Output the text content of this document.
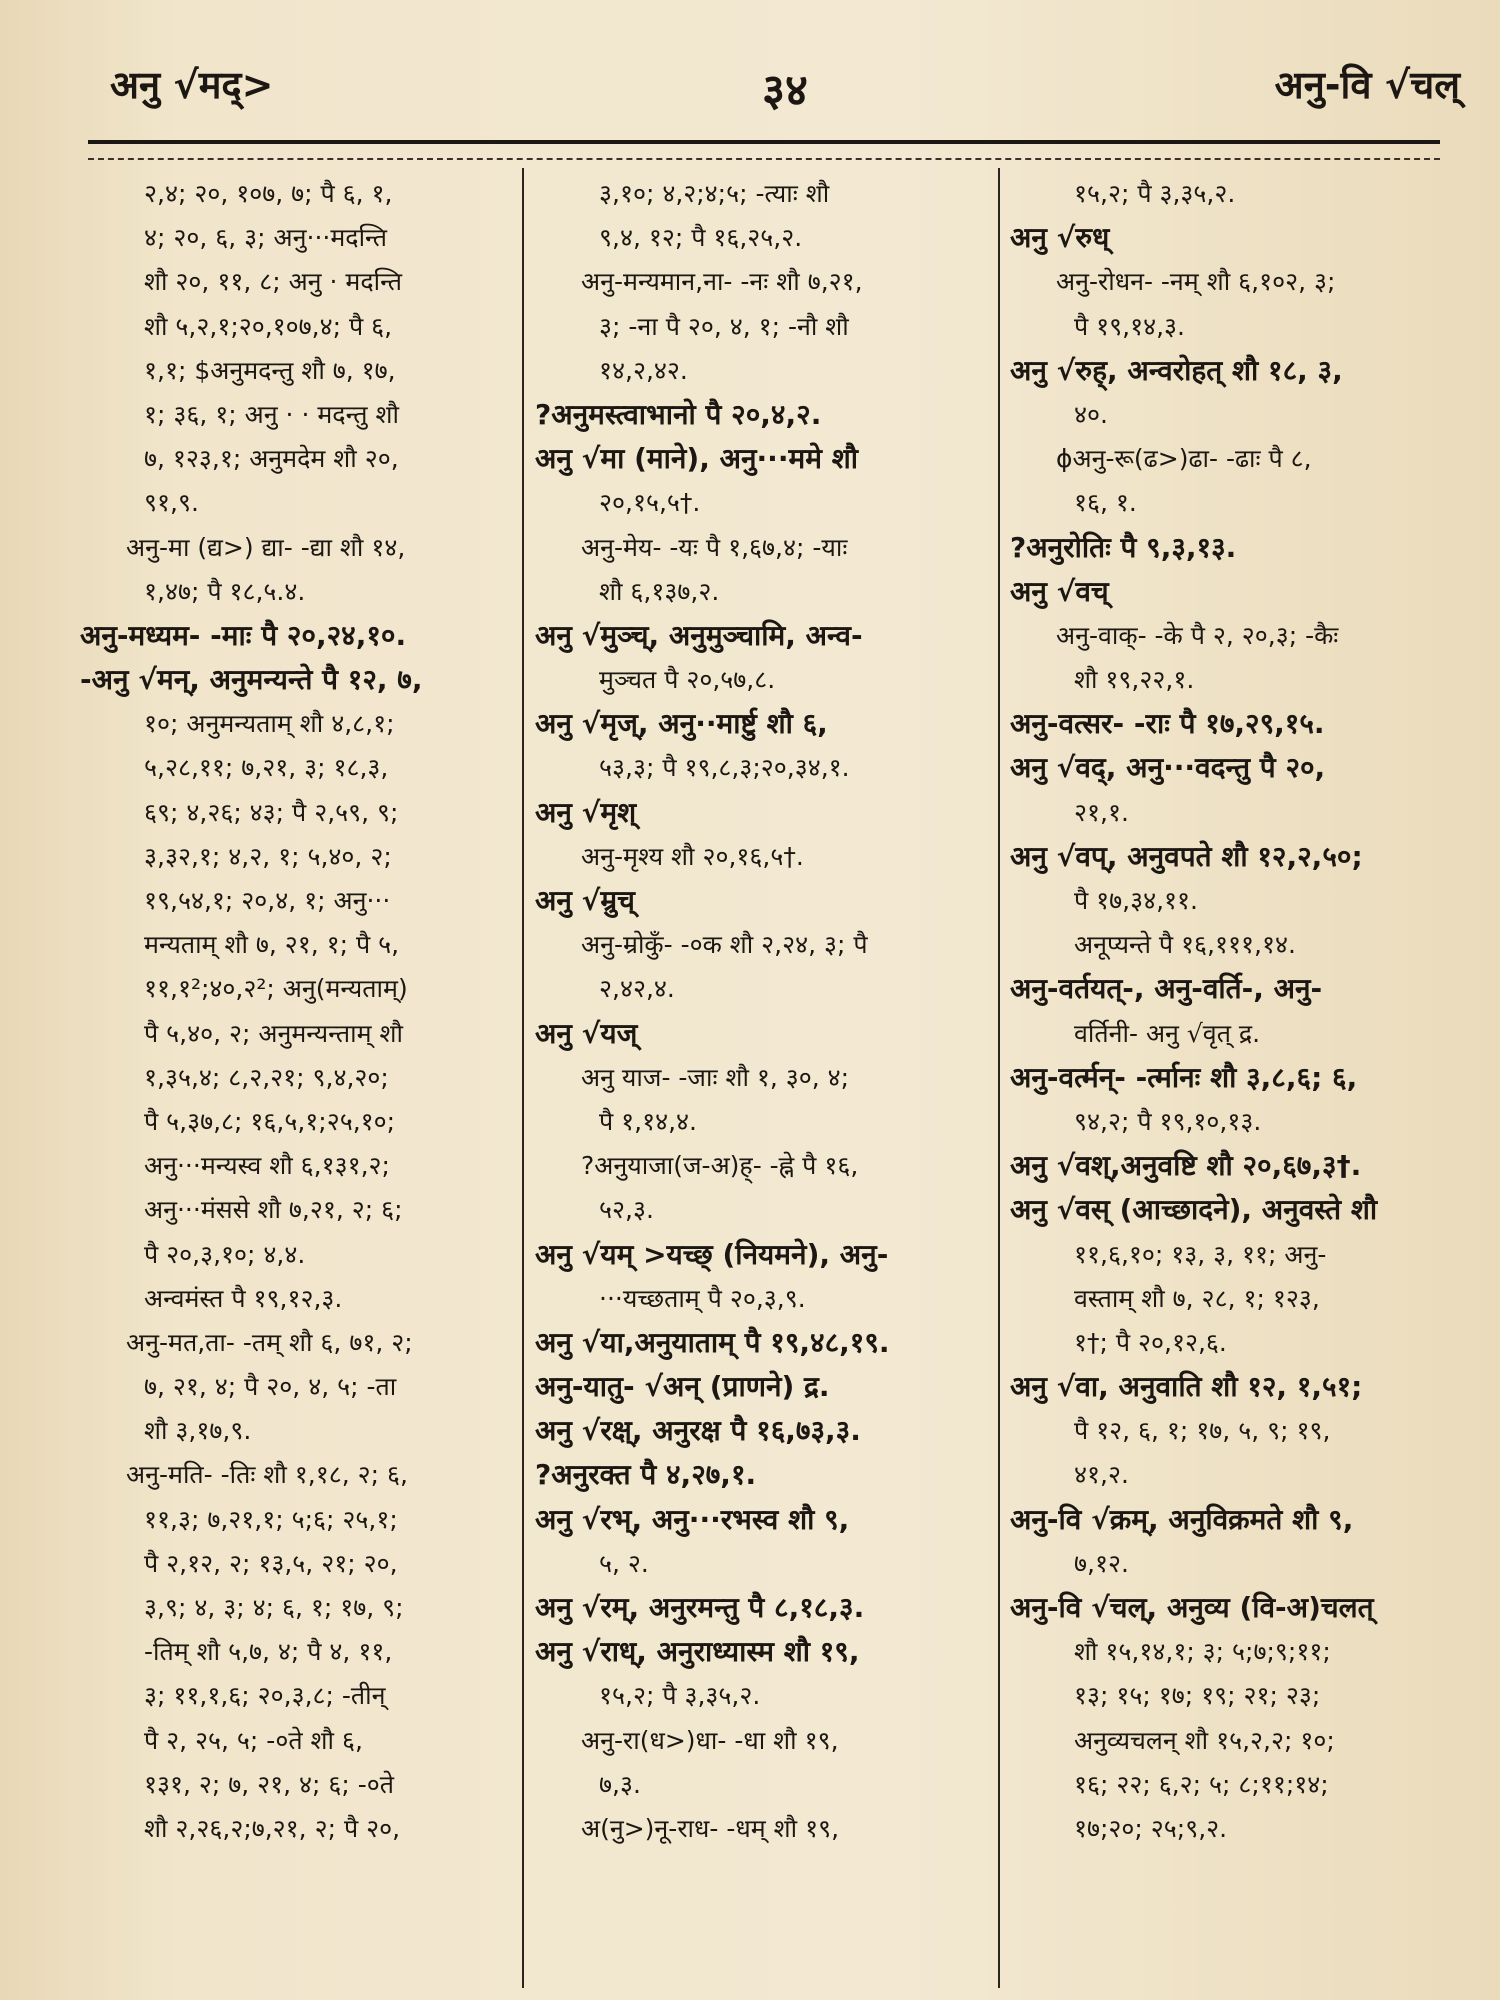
अनु √मद्>	३४	अनु-वि √चल्
२,४; २०, १०७, ७; पै ६, १,
४; २०, ६, ३; अनु···मदन्ति
शौ २०, ११, ८; अनु · मदन्ति
शौ ५,२,१;२०,१०७,४; पै ६,
१,१; $अनुमदन्तु शौ ७, १७,
१; ३६, १; अनु · · मदन्तु शौ
७, १२३,१; अनुमदेम शौ २०,
९१,९.
अनु-मा (द्य>) द्या- -द्या शौ १४,
१,४७; पै १८,५.४.
अनु-मध्यम- -माः पै २०,२४,१०.
-अनु √मन्, अनुमन्यन्ते पै १२, ७,
१०; अनुमन्यताम् शौ ४,८,१;
५,२८,११; ७,२१, ३; १८,३,
६९; ४,२६; ४३; पै २,५९, ९;
३,३२,१; ४,२, १; ५,४०, २;
१९,५४,१; २०,४, १; अनु···
मन्यताम् शौ ७, २१, १; पै ५,
११,१²;४०,२²; अनु(मन्यताम्)
पै ५,४०, २; अनुमन्यन्ताम् शौ
१,३५,४; ८,२,२१; ९,४,२०;
पै ५,३७,८; १६,५,१;२५,१०;
अनु···मन्यस्व शौ ६,१३१,२;
अनु···मंससे शौ ७,२१, २; ६;
पै २०,३,१०; ४,४.
अन्वमंस्त पै १९,१२,३.
अनु-मत,ता- -तम् शौ ६, ७१, २;
७, २१, ४; पै २०, ४, ५; -ता
शौ ३,१७,९.
अनु-मति- -तिः शौ १,१८, २; ६,
११,३; ७,२१,१; ५;६; २५,१;
पै २,१२, २; १३,५, २१; २०,
३,९; ४, ३; ४; ६, १; १७, ९;
-तिम् शौ ५,७, ४; पै ४, ११,
३; ११,१,६; २०,३,८; -तीन्
पै २, २५, ५; -०ते शौ ६,
१३१, २; ७, २१, ४; ६; -०ते
शौ २,२६,२;७,२१, २; पै २०,
३,१०; ४,२;४;५; -त्याः शौ
९,४, १२; पै १६,२५,२.
अनु-मन्यमान,ना- -नः शौ ७,२१,
३; -ना पै २०, ४, १; -नौ शौ
१४,२,४२.
?अनुमस्त्वाभानो पै २०,४,२.
अनु √मा (माने), अनु···ममे शौ
२०,१५,५†.
अनु-मेय- -यः पै १,६७,४; -याः
शौ ६,१३७,२.
अनु √मुञ्च्, अनुमुञ्चामि, अन्व-
मुञ्चत पै २०,५७,८.
अनु √मृज्, अनु··मार्ष्टु शौ ६,
५३,३; पै १९,८,३;२०,३४,१.
अनु √मृश्
अनु-मृश्य शौ २०,१६,५†.
अनु √म्रुच्
अनु-म्रोकुँ- -०क शौ २,२४, ३; पै
२,४२,४.
अनु √यज्
अनु याज- -जाः शौ १, ३०, ४;
पै १,१४,४.
?अनुयाजा(ज-अ)ह्- -ह्ने पै १६,
५२,३.
अनु √यम् >यच्छ् (नियमने), अनु-
···यच्छताम् पै २०,३,९.
अनु √या,अनुयाताम् पै १९,४८,१९.
अनु-यातु- √अन् (प्राणने) द्र.
अनु √रक्ष्, अनुरक्ष पै १६,७३,३.
?अनुरक्त पै ४,२७,१.
अनु √रभ्, अनु···रभस्व शौ ९,
५, २.
अनु √रम्, अनुरमन्तु पै ८,१८,३.
अनु √राध्, अनुराध्यास्म शौ १९,
१५,२; पै ३,३५,२.
अनु-रा(ध>)धा- -धा शौ १९,
७,३.
अ(नु>)नू-राध- -धम् शौ १९,
१५,२; पै ३,३५,२.
अनु √रुध्
अनु-रोधन- -नम् शौ ६,१०२, ३;
पै १९,१४,३.
अनु √रुह्, अन्वरोहत् शौ १८, ३,
४०.
ϕअनु-रू(ढ>)ढा- -ढाः पै ८,
१६, १.
?अनुरोतिः पै ९,३,१३.
अनु √वच्
अनु-वाक्- -के पै २, २०,३; -कैः
शौ १९,२२,१.
अनु-वत्सर- -राः पै १७,२९,१५.
अनु √वद्, अनु···वदन्तु पै २०,
२१,१.
अनु √वप्, अनुवपते शौ १२,२,५०;
पै १७,३४,११.
अनूप्यन्ते पै १६,१११,१४.
अनु-वर्तयत्-, अनु-वर्ति-, अनु-
वर्तिनी- अनु √वृत् द्र.
अनु-वर्त्मन्- -र्त्मानः शौ ३,८,६; ६,
९४,२; पै १९,१०,१३.
अनु √वश्,अनुवष्टि शौ २०,६७,३†.
अनु √वस् (आच्छादने), अनुवस्ते शौ
११,६,१०; १३, ३, ११; अनु-
वस्ताम् शौ ७, २८, १; १२३,
१†; पै २०,१२,६.
अनु √वा, अनुवाति शौ १२, १,५१;
पै १२, ६, १; १७, ५, ९; १९,
४१,२.
अनु-वि √क्रम्, अनुविक्रमते शौ ९,
७,१२.
अनु-वि √चल्, अनुव्य (वि-अ)चलत्
शौ १५,१४,१; ३; ५;७;९;११;
१३; १५; १७; १९; २१; २३;
अनुव्यचलन् शौ १५,२,२; १०;
१६; २२; ६,२; ५; ८;११;१४;
१७;२०; २५;९,२.
